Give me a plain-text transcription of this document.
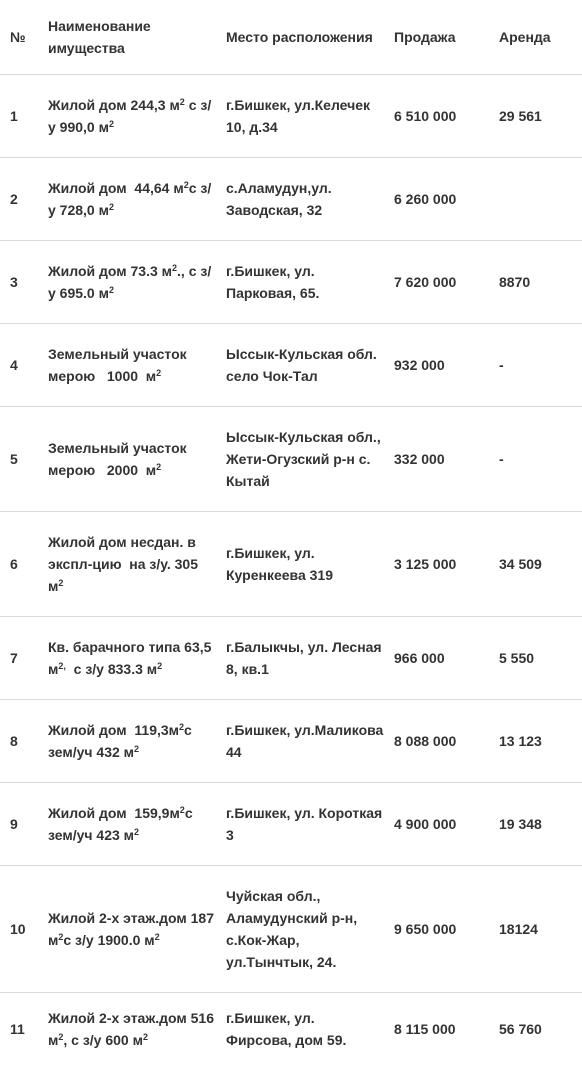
№	Наименование имущества	Место расположения	Продажа	Аренда
1	Жилой дом 244,3 $м^2$ с з/у 990,0 $м^2$	г.Бишкек, ул.Келечек 10, д.34	6 510 000	29 561
2	Жилой дом  44,64 $м^2с$ з/у 728,0 $м^2$	с.Аламудун,ул. Заводская, 32	6 260 000	
3	Жилой дом 73.3 $м^2$., с з/у 695.0 $м^2$	г.Бишкек, ул. Парковая, 65.	7 620 000	8870
4	Земельный участок мерою   1000  $м^2$	Ыссык-Кульская обл. село Чок-Тал	932 000	-
5	Земельный участок мерою   2000  $м^2$	Ыссык-Кульская обл., Жети-Огузский р-н с. Кытай	332 000	-
6	Жилой дом несдан. в экспл-цию  на з/у. 305 $м^2$	г.Бишкек, ул. Куренкеева 319	3 125 000	34 509
7	Кв. барачного типа 63,5 $м^{2,}$  с з/у 833.3 $м^2$	г.Балыкчы, ул. Лесная 8, кв.1	966 000	5 550
8	Жилой дом  $119,3м^2с$ зем/уч 432 $м^2$	г.Бишкек, ул.Маликова 44	8 088 000	13 123
9	Жилой дом  $159,9м^2с$ зем/уч 423 $м^2$	г.Бишкек, ул. Короткая 3	4 900 000	19 348
10	Жилой 2-х этаж.дом 187 $м^2с$ з/у 1900.0 $м^2$	Чуйская обл., Аламудунский р-н, с.Кок-Жар, ул.Тынчтык, 24.	9 650 000	18124
11	Жилой 2-х этаж.дом 516 $м^2$, с з/у 600 $м^2$	г.Бишкек, ул. Фирсова, дом 59.	8 115 000	56 760
